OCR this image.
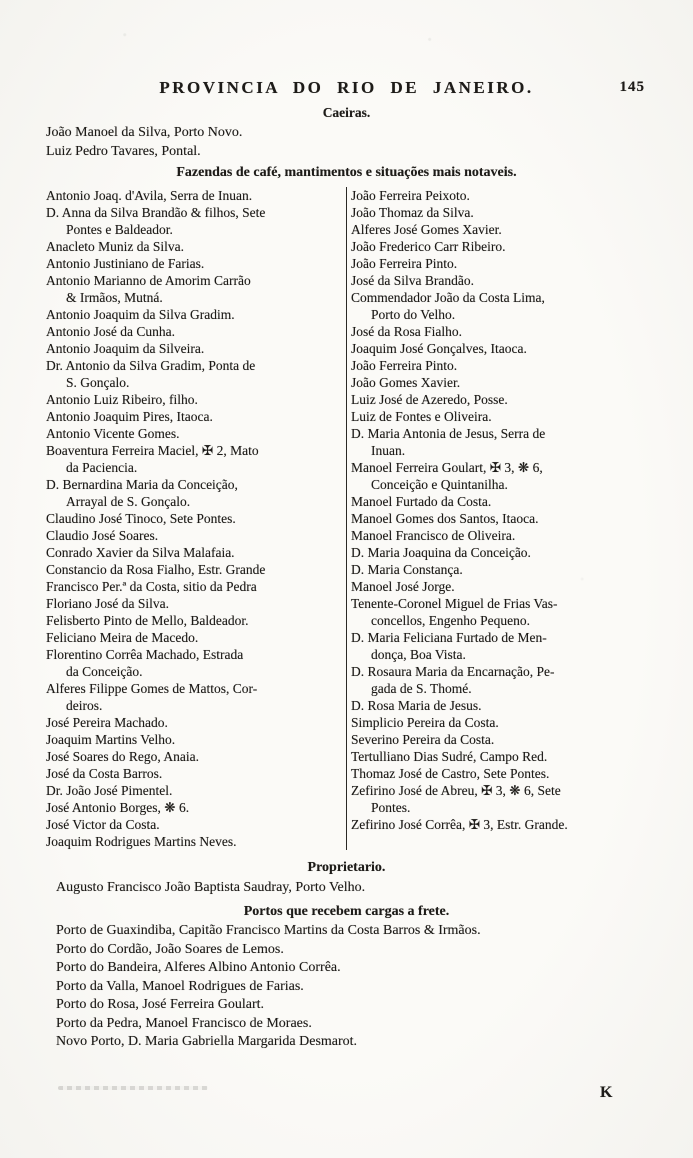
PROVINCIA DO RIO DE JANEIRO.	145
Caeiras.
João Manoel da Silva, Porto Novo.
Luiz Pedro Tavares, Pontal.
Fazendas de café, mantimentos e situações mais notaveis.
Antonio Joaq. d'Avila, Serra de Inuan.
D. Anna da Silva Brandão & filhos, Sete
Pontes e Baldeador.
Anacleto Muniz da Silva.
Antonio Justiniano de Farias.
Antonio Marianno de Amorim Carrão
& Irmãos, Mutná.
Antonio Joaquim da Silva Gradim.
Antonio José da Cunha.
Antonio Joaquim da Silveira.
Dr. Antonio da Silva Gradim, Ponta de
S. Gonçalo.
Antonio Luiz Ribeiro, filho.
Antonio Joaquim Pires, Itaoca.
Antonio Vicente Gomes.
Boaventura Ferreira Maciel, ✠ 2, Mato
da Paciencia.
D. Bernardina Maria da Conceição,
Arrayal de S. Gonçalo.
Claudino José Tinoco, Sete Pontes.
Claudio José Soares.
Conrado Xavier da Silva Malafaia.
Constancio da Rosa Fialho, Estr. Grande
Francisco Per.ª da Costa, sitio da Pedra
Floriano José da Silva.
Felisberto Pinto de Mello, Baldeador.
Feliciano Meira de Macedo.
Florentino Corrêa Machado, Estrada
da Conceição.
Alferes Filippe Gomes de Mattos, Cor-
deiros.
José Pereira Machado.
Joaquim Martins Velho.
José Soares do Rego, Anaia.
José da Costa Barros.
Dr. João José Pimentel.
José Antonio Borges, ❋ 6.
José Victor da Costa.
Joaquim Rodrigues Martins Neves.
João Ferreira Peixoto.
João Thomaz da Silva.
Alferes José Gomes Xavier.
João Frederico Carr Ribeiro.
João Ferreira Pinto.
José da Silva Brandão.
Commendador João da Costa Lima,
Porto do Velho.
José da Rosa Fialho.
Joaquim José Gonçalves, Itaoca.
João Ferreira Pinto.
João Gomes Xavier.
Luiz José de Azeredo, Posse.
Luiz de Fontes e Oliveira.
D. Maria Antonia de Jesus, Serra de
Inuan.
Manoel Ferreira Goulart, ✠ 3, ❋ 6,
Conceição e Quintanilha.
Manoel Furtado da Costa.
Manoel Gomes dos Santos, Itaoca.
Manoel Francisco de Oliveira.
D. Maria Joaquina da Conceição.
D. Maria Constança.
Manoel José Jorge.
Tenente-Coronel Miguel de Frias Vas-
concellos, Engenho Pequeno.
D. Maria Feliciana Furtado de Men-
donça, Boa Vista.
D. Rosaura Maria da Encarnação, Pe-
gada de S. Thomé.
D. Rosa Maria de Jesus.
Simplicio Pereira da Costa.
Severino Pereira da Costa.
Tertulliano Dias Sudré, Campo Red.
Thomaz José de Castro, Sete Pontes.
Zefirino José de Abreu, ✠ 3, ❋ 6, Sete
Pontes.
Zefirino José Corrêa, ✠ 3, Estr. Grande.
Proprietario.
Augusto Francisco João Baptista Saudray, Porto Velho.
Portos que recebem cargas a frete.
Porto de Guaxindiba, Capitão Francisco Martins da Costa Barros & Irmãos.
Porto do Cordão, João Soares de Lemos.
Porto do Bandeira, Alferes Albino Antonio Corrêa.
Porto da Valla, Manoel Rodrigues de Farias.
Porto do Rosa, José Ferreira Goulart.
Porto da Pedra, Manoel Francisco de Moraes.
Novo Porto, D. Maria Gabriella Margarida Desmarot.
K
